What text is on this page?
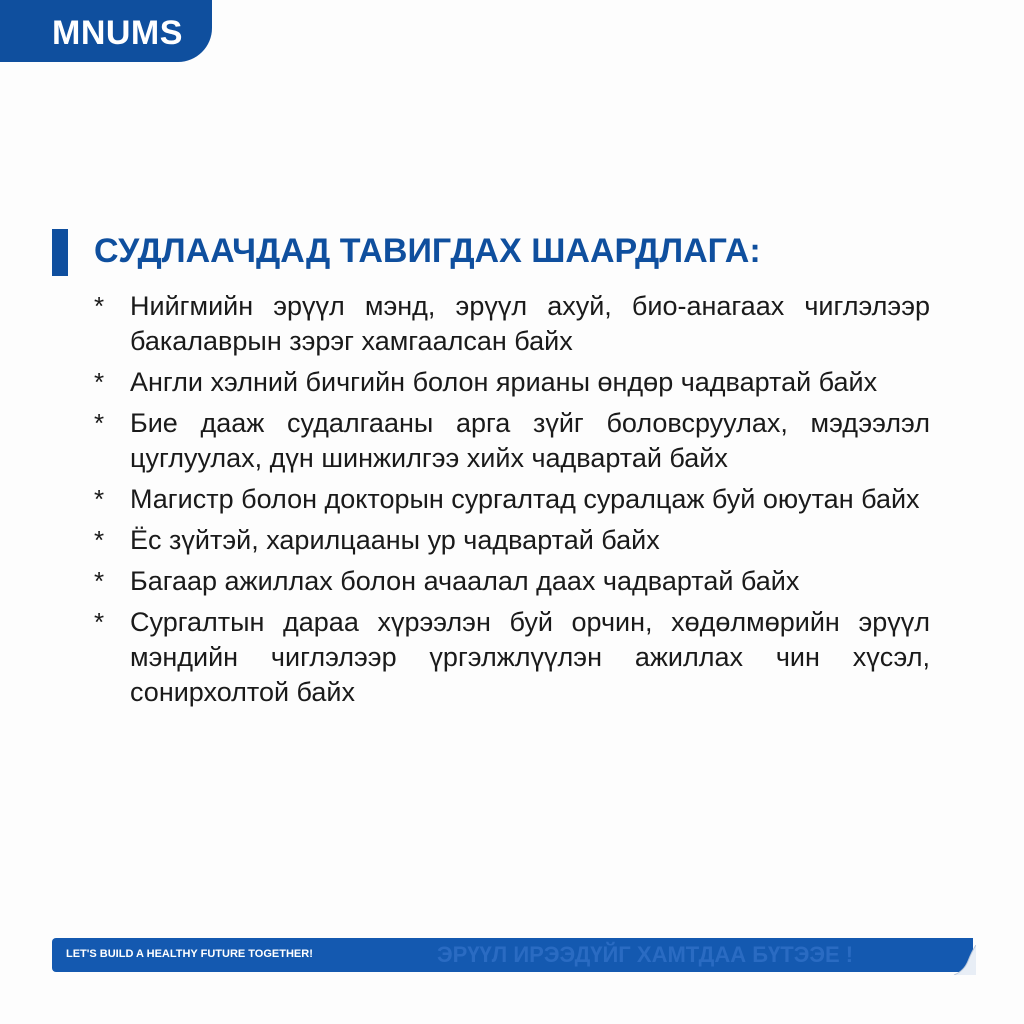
MNUMS
СУДЛААЧДАД ТАВИГДАХ ШААРДЛАГА:
* Нийгмийн эрүүл мэнд, эрүүл ахуй, био-анагаах чиглэлээр бакалаврын зэрэг хамгаалсан байх
* Англи хэлний бичгийн болон ярианы өндөр чадвартай байх
* Бие дааж судалгааны арга зүйг боловсруулах, мэдээлэл цуглуулах, дүн шинжилгээ хийх чадвартай байх
* Магистр болон докторын сургалтад суралцаж буй оюутан байх
* Ёс зүйтэй, харилцааны ур чадвартай байх
* Багаар ажиллах болон ачаалал даах чадвартай байх
* Сургалтын дараа хүрээлэн буй орчин, хөдөлмөрийн эрүүл мэндийн чиглэлээр үргэлжлүүлэн ажиллах чин хүсэл, сонирхолтой байх
LET'S BUILD A HEALTHY FUTURE TOGETHER!	ЭРҮҮЛ ИРЭЭДҮЙГ ХАМТДАА БҮТЭЭЕ !
